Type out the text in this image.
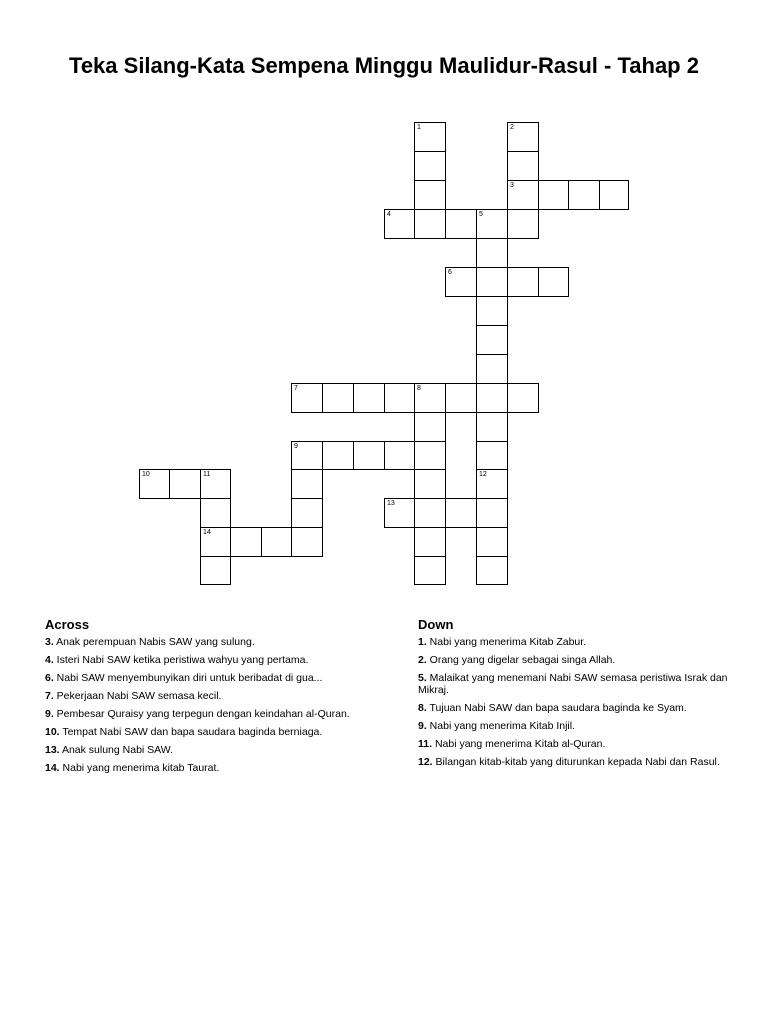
Teka Silang-Kata Sempena Minggu Maulidur-Rasul - Tahap 2
1	2
3
4	5
12
6
7	8
9
10	11
14
13
Across
3. Anak perempuan Nabis SAW yang sulung.
4. Isteri Nabi SAW ketika peristiwa wahyu yang pertama.
6. Nabi SAW menyembunyikan diri untuk beribadat di gua...
7. Pekerjaan Nabi SAW semasa kecil.
9. Pembesar Quraisy yang terpegun dengan keindahan al-Quran.
10. Tempat Nabi SAW dan bapa saudara baginda berniaga.
13. Anak sulung Nabi SAW.
14. Nabi yang menerima kitab Taurat.
Down
1. Nabi yang menerima Kitab Zabur.
2. Orang yang digelar sebagai singa Allah.
5. Malaikat yang menemani Nabi SAW semasa peristiwa Israk dan Mikraj.
8. Tujuan Nabi SAW dan bapa saudara baginda ke Syam.
9. Nabi yang menerima Kitab Injil.
11. Nabi yang menerima Kitab al-Quran.
12. Bilangan kitab-kitab yang diturunkan kepada Nabi dan Rasul.
